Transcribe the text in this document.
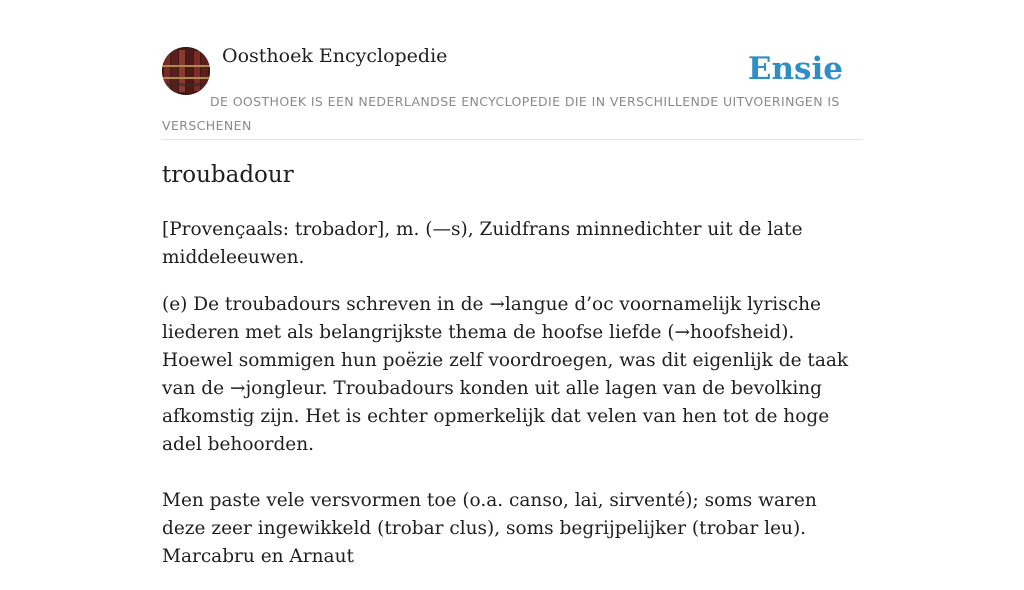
Oosthoek Encyclopedie	Ensie
DE OOSTHOEK IS EEN NEDERLANDSE ENCYCLOPEDIE DIE IN VERSCHILLENDE UITVOERINGEN IS VERSCHENEN
troubadour

[Provençaals: trobador], m. (—s), Zuidfrans minnedichter uit de late middeleeuwen.

(e) De troubadours schreven in de →langue d’oc voornamelijk lyrische liederen met als belangrijkste thema de hoofse liefde (→hoofsheid). Hoewel sommigen hun poëzie zelf voordroegen, was dit eigenlijk de taak van de →jongleur. Troubadours konden uit alle lagen van de bevolking afkomstig zijn. Het is echter opmerkelijk dat velen van hen tot de hoge adel behoorden.

Men paste vele versvormen toe (o.a. canso, lai, sirventé); soms waren deze zeer ingewikkeld (trobar clus), soms begrijpelijker (trobar leu). Marcabru en Arnaut
